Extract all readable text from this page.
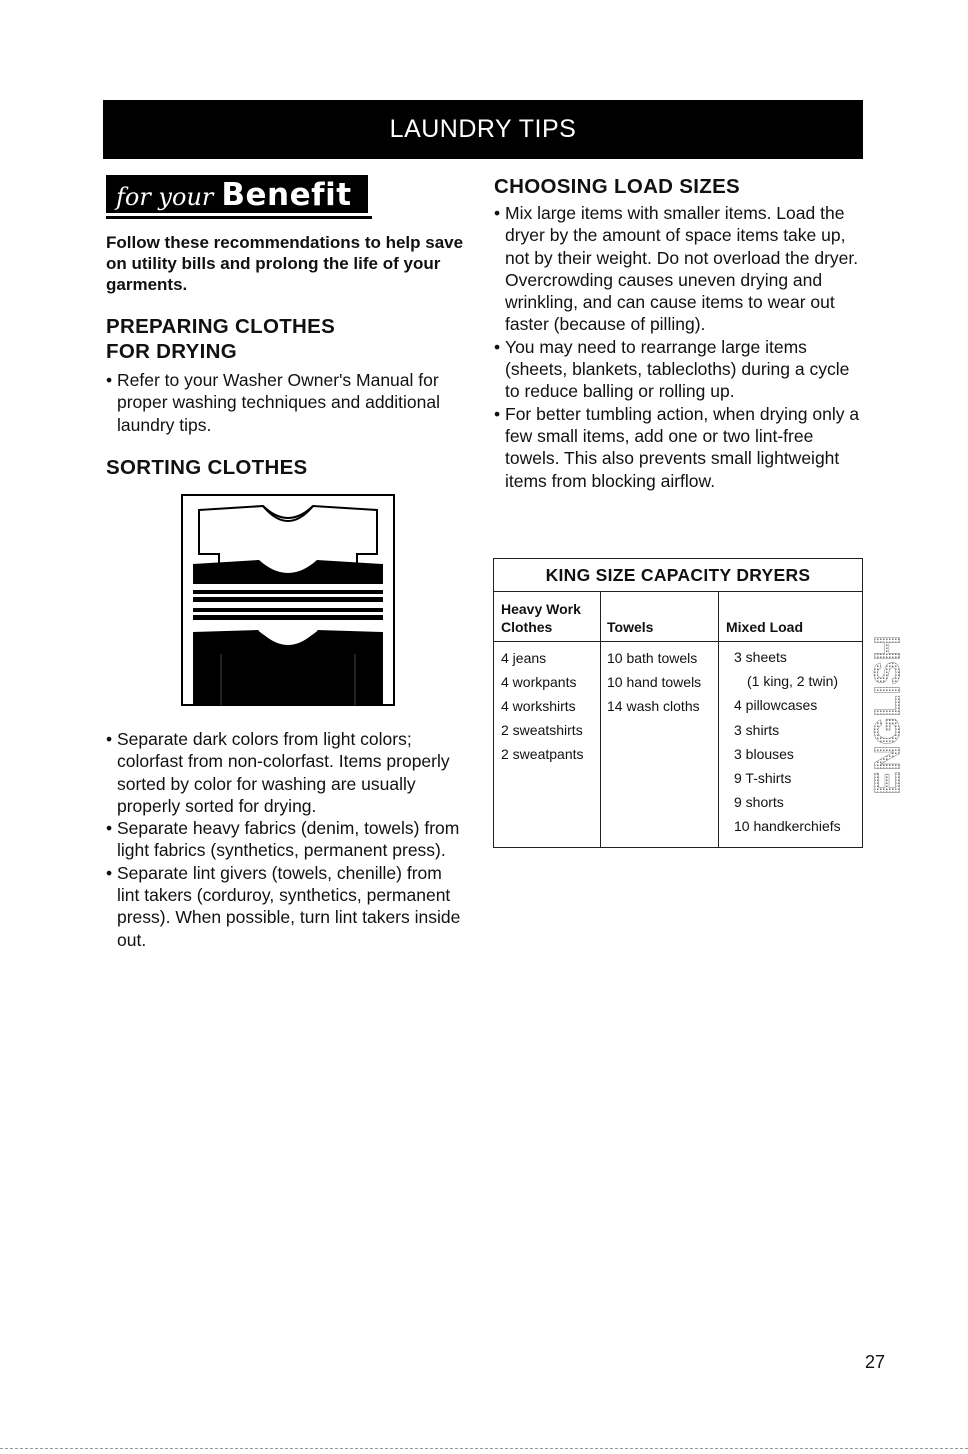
LAUNDRY TIPS
for your Benefit
Follow these recommendations to help save on utility bills and prolong the life of your garments.
PREPARING CLOTHES
FOR DRYING
• Refer to your Washer Owner's Manual for proper washing techniques and additional laundry tips.
SORTING CLOTHES
• Separate dark colors from light colors; colorfast from non-colorfast. Items properly sorted by color for washing are usually properly sorted for drying.
• Separate heavy fabrics (denim, towels) from light fabrics (synthetics, permanent press).
• Separate lint givers (towels, chenille) from lint takers (corduroy, synthetics, permanent press). When possible, turn lint takers inside out.
CHOOSING LOAD SIZES
• Mix large items with smaller items. Load the dryer by the amount of space items take up, not by their weight. Do not overload the dryer. Overcrowding causes uneven drying and wrinkling, and can cause items to wear out faster (because of pilling).
• You may need to rearrange large items (sheets, blankets, tablecloths) during a cycle to reduce balling or rolling up.
• For better tumbling action, when drying only a few small items, add one or two lint-free towels. This also prevents small lightweight items from blocking airflow.
KING SIZE CAPACITY DRYERS
Heavy Work
Clothes	Towels	Mixed Load
4 jeans
4 workpants
4 workshirts
2 sweatshirts
2 sweatpants
10 bath towels
10 hand towels
14 wash cloths
3 sheets
(1 king, 2 twin)
4 pillowcases
3 shirts
3 blouses
9 T-shirts
9 shorts
10 handkerchiefs
ENGLISH
27
